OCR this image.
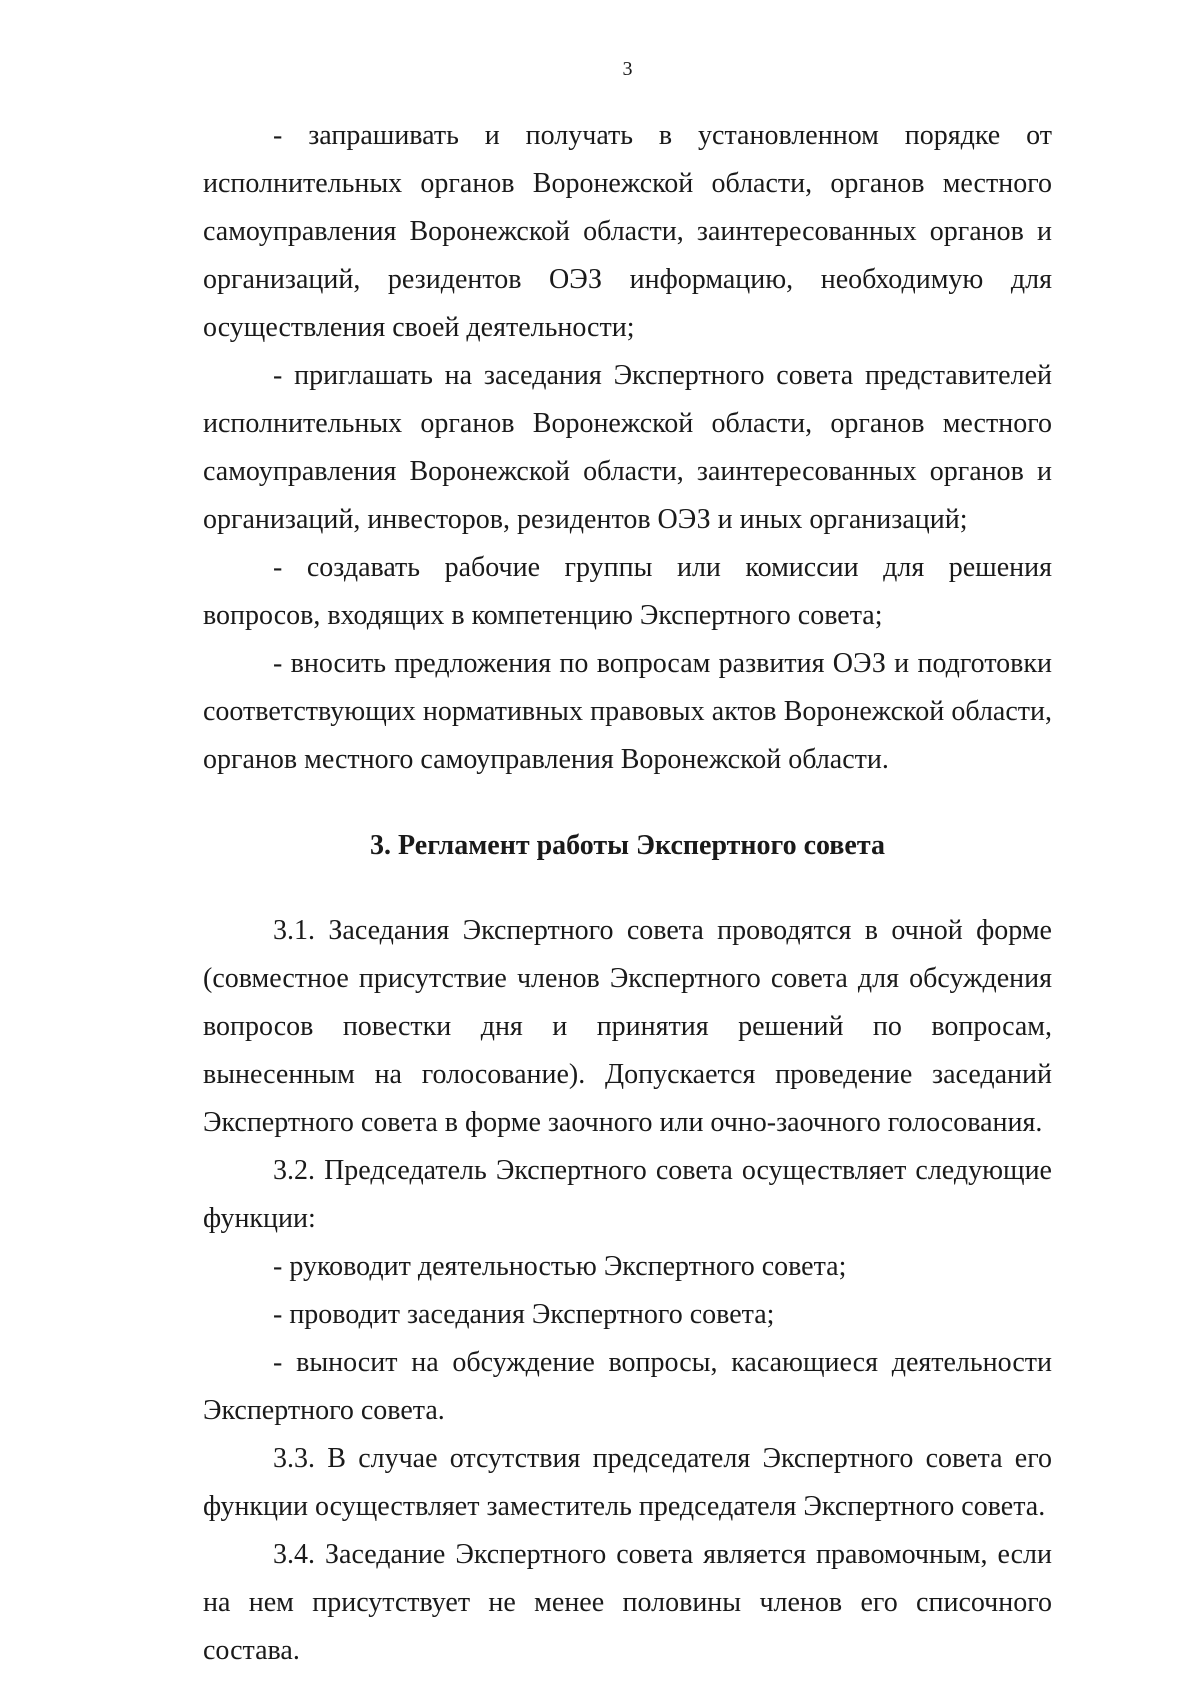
3

- запрашивать и получать в установленном порядке от исполнительных органов Воронежской области, органов местного самоуправления Воронежской области, заинтересованных органов и организаций, резидентов ОЭЗ информацию, необходимую для осуществления своей деятельности;

- приглашать на заседания Экспертного совета представителей исполнительных органов Воронежской области, органов местного самоуправления Воронежской области, заинтересованных органов и организаций, инвесторов, резидентов ОЭЗ и иных организаций;

- создавать рабочие группы или комиссии для решения вопросов, входящих в компетенцию Экспертного совета;

- вносить предложения по вопросам развития ОЭЗ и подготовки соответствующих нормативных правовых актов Воронежской области, органов местного самоуправления Воронежской области.

3. Регламент работы Экспертного совета

3.1. Заседания Экспертного совета проводятся в очной форме (совместное присутствие членов Экспертного совета для обсуждения вопросов повестки дня и принятия решений по вопросам, вынесенным на голосование). Допускается проведение заседаний Экспертного совета в форме заочного или очно-заочного голосования.

3.2. Председатель Экспертного совета осуществляет следующие функции:

- руководит деятельностью Экспертного совета;

- проводит заседания Экспертного совета;

- выносит на обсуждение вопросы, касающиеся деятельности Экспертного совета.

3.3. В случае отсутствия председателя Экспертного совета его функции осуществляет заместитель председателя Экспертного совета.

3.4. Заседание Экспертного совета является правомочным, если на нем присутствует не менее половины членов его списочного состава.
